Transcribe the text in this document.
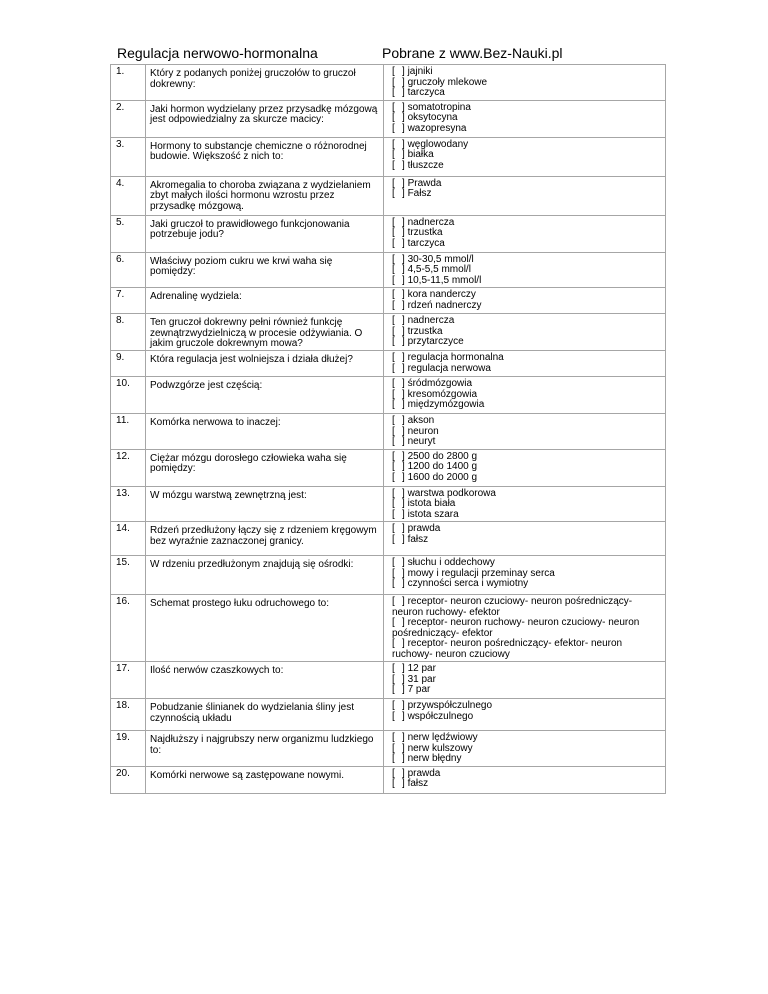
Regulacja nerwowo-hormonalna	Pobrane z www.Bez-Nauki.pl
1.	Który z podanych poniżej gruczołów to gruczoł dokrewny:	[ ] jajniki
[ ] gruczoły mlekowe
[ ] tarczyca

2.	Jaki hormon wydzielany przez przysadkę mózgową jest odpowiedzialny za skurcze macicy:	[ ] somatotropina
[ ] oksytocyna
[ ] wazopresyna

3.	Hormony to substancje chemiczne o różnorodnej budowie. Większość z nich to:	[ ] węglowodany
[ ] białka
[ ] tłuszcze

4.	Akromegalia to choroba związana z wydzielaniem zbyt małych ilości hormonu wzrostu przez przysadkę mózgową.	[ ] Prawda
[ ] Fałsz

5.	Jaki gruczoł to prawidłowego funkcjonowania potrzebuje jodu?	[ ] nadnercza
[ ] trzustka
[ ] tarczyca

6.	Właściwy poziom cukru we krwi waha się pomiędzy:	[ ] 30-30,5 mmol/l
[ ] 4,5-5,5 mmol/l
[ ] 10,5-11,5 mmol/l

7.	Adrenalinę wydziela:	[ ] kora nanderczy
[ ] rdzeń nadnerczy

8.	Ten gruczoł dokrewny pełni również funkcję zewnątrzwydzielniczą w procesie odżywiania. O jakim gruczole dokrewnym mowa?	[ ] nadnercza
[ ] trzustka
[ ] przytarczyce

9.	Która regulacja jest wolniejsza i działa dłużej?	[ ] regulacja hormonalna
[ ] regulacja nerwowa

10.	Podwzgórze jest częścią:	[ ] śródmózgowia
[ ] kresomózgowia
[ ] międzymózgowia

11.	Komórka nerwowa to inaczej:	[ ] akson
[ ] neuron
[ ] neuryt

12.	Ciężar mózgu dorosłego człowieka waha się pomiędzy:	[ ] 2500 do 2800 g
[ ] 1200 do 1400 g
[ ] 1600 do 2000 g

13.	W mózgu warstwą zewnętrzną jest:	[ ] warstwa podkorowa
[ ] istota biała
[ ] istota szara

14.	Rdzeń przedłużony łączy się z rdzeniem kręgowym bez wyraźnie zaznaczonej granicy.	[ ] prawda
[ ] fałsz

15.	W rdzeniu przedłużonym znajdują się ośrodki:	[ ] słuchu i oddechowy
[ ] mowy i regulacji przeminay serca
[ ] czynności serca i wymiotny

16.	Schemat prostego łuku odruchowego to:	[ ] receptor- neuron czuciowy- neuron pośredniczący- neuron ruchowy- efektor
[ ] receptor- neuron ruchowy- neuron czuciowy- neuron pośredniczący- efektor
[ ] receptor- neuron pośredniczący- efektor- neuron ruchowy- neuron czuciowy

17.	Ilość nerwów czaszkowych to:	[ ] 12 par
[ ] 31 par
[ ] 7 par

18.	Pobudzanie ślinianek do wydzielania śliny jest czynnością układu	[ ] przywspółczulnego
[ ] współczulnego

19.	Najdłuższy i najgrubszy nerw organizmu ludzkiego to:	[ ] nerw lędźwiowy
[ ] nerw kulszowy
[ ] nerw błędny

20.	Komórki nerwowe są zastępowane nowymi.	[ ] prawda
[ ] fałsz
